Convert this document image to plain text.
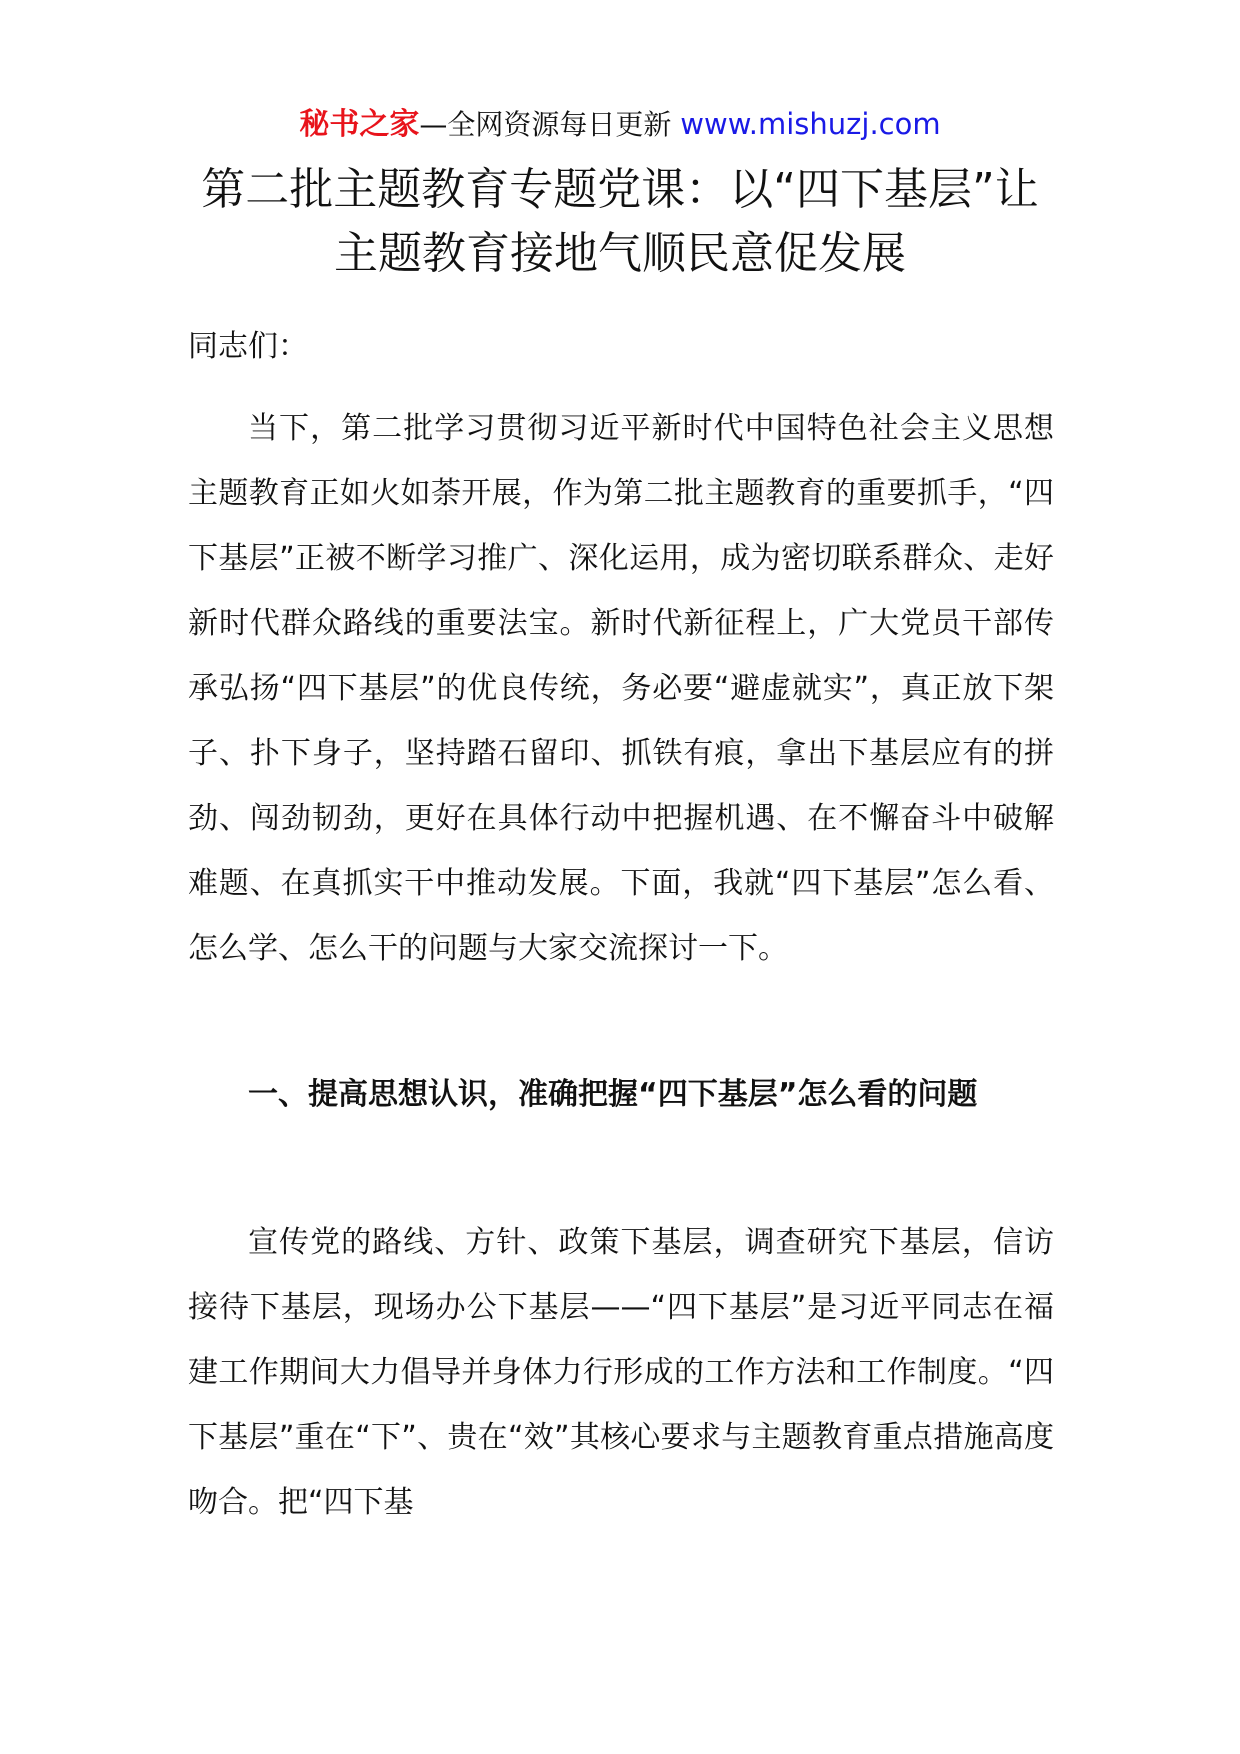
秘书之家—全网资源每日更新 www.mishuzj.com
第二批主题教育专题党课：以“四下基层”让主题教育接地气顺民意促发展

同志们：

当下，第二批学习贯彻习近平新时代中国特色社会主义思想主题教育正如火如荼开展，作为第二批主题教育的重要抓手，“四下基层”正被不断学习推广、深化运用，成为密切联系群众、走好新时代群众路线的重要法宝。新时代新征程上，广大党员干部传承弘扬“四下基层”的优良传统，务必要“避虚就实”，真正放下架子、扑下身子，坚持踏石留印、抓铁有痕，拿出下基层应有的拼劲、闯劲韧劲，更好在具体行动中把握机遇、在不懈奋斗中破解难题、在真抓实干中推动发展。下面，我就“四下基层”怎么看、怎么学、怎么干的问题与大家交流探讨一下。

一、提高思想认识，准确把握“四下基层”怎么看的问题

宣传党的路线、方针、政策下基层，调查研究下基层，信访接待下基层，现场办公下基层——“四下基层”是习近平同志在福建工作期间大力倡导并身体力行形成的工作方法和工作制度。“四下基层”重在“下”、贵在“效”其核心要求与主题教育重点措施高度吻合。把“四下基
